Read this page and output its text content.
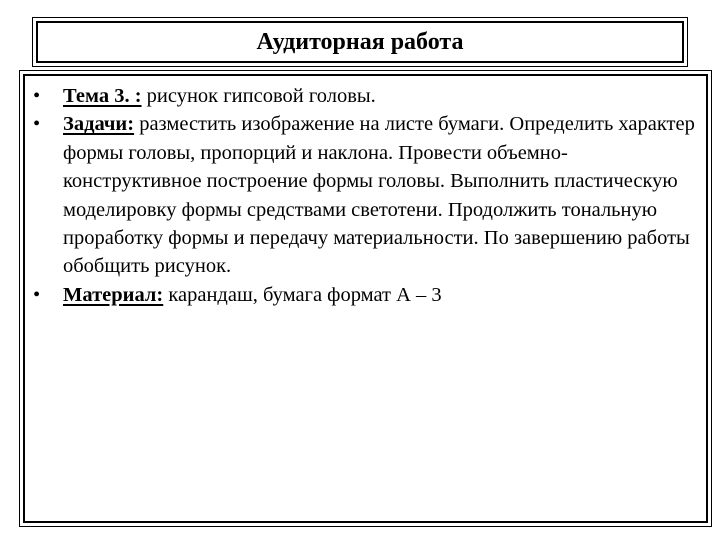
Аудиторная работа
•	Тема 3. : рисунок гипсовой головы.
•	Задачи: разместить изображение на листе бумаги. Определить характер формы головы, пропорций и наклона. Провести объемно-конструктивное построение формы головы. Выполнить пластическую моделировку формы средствами светотени. Продолжить тональную проработку формы и передачу материальности. По завершению работы обобщить рисунок.
•	Материал: карандаш, бумага формат А – 3
